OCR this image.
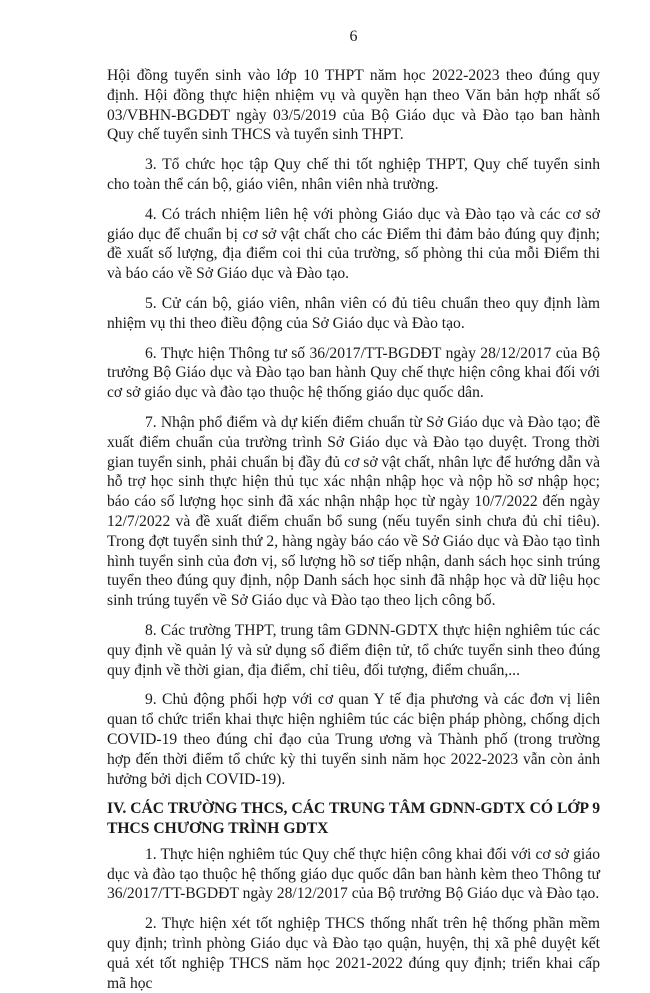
6

Hội đồng tuyển sinh vào lớp 10 THPT năm học 2022-2023 theo đúng quy định. Hội đồng thực hiện nhiệm vụ và quyền hạn theo Văn bản hợp nhất số 03/VBHN-BGDĐT ngày 03/5/2019 của Bộ Giáo dục và Đào tạo ban hành Quy chế tuyển sinh THCS và tuyển sinh THPT.

3. Tổ chức học tập Quy chế thi tốt nghiệp THPT, Quy chế tuyển sinh cho toàn thể cán bộ, giáo viên, nhân viên nhà trường.

4. Có trách nhiệm liên hệ với phòng Giáo dục và Đào tạo và các cơ sở giáo dục để chuẩn bị cơ sở vật chất cho các Điểm thi đảm bảo đúng quy định; đề xuất số lượng, địa điểm coi thi của trường, số phòng thi của mỗi Điểm thi và báo cáo về Sở Giáo dục và Đào tạo.

5. Cử cán bộ, giáo viên, nhân viên có đủ tiêu chuẩn theo quy định làm nhiệm vụ thi theo điều động của Sở Giáo dục và Đào tạo.

6. Thực hiện Thông tư số 36/2017/TT-BGDĐT ngày 28/12/2017 của Bộ trưởng Bộ Giáo dục và Đào tạo ban hành Quy chế thực hiện công khai đối với cơ sở giáo dục và đào tạo thuộc hệ thống giáo dục quốc dân.

7. Nhận phổ điểm và dự kiến điểm chuẩn từ Sở Giáo dục và Đào tạo; đề xuất điểm chuẩn của trường trình Sở Giáo dục và Đào tạo duyệt. Trong thời gian tuyển sinh, phải chuẩn bị đầy đủ cơ sở vật chất, nhân lực để hướng dẫn và hỗ trợ học sinh thực hiện thủ tục xác nhận nhập học và nộp hồ sơ nhập học; báo cáo số lượng học sinh đã xác nhận nhập học từ ngày 10/7/2022 đến ngày 12/7/2022 và đề xuất điểm chuẩn bổ sung (nếu tuyển sinh chưa đủ chỉ tiêu). Trong đợt tuyển sinh thứ 2, hàng ngày báo cáo về Sở Giáo dục và Đào tạo tình hình tuyển sinh của đơn vị, số lượng hồ sơ tiếp nhận, danh sách học sinh trúng tuyển theo đúng quy định, nộp Danh sách học sinh đã nhập học và dữ liệu học sinh trúng tuyển về Sở Giáo dục và Đào tạo theo lịch công bố.

8. Các trường THPT, trung tâm GDNN-GDTX thực hiện nghiêm túc các quy định về quản lý và sử dụng sổ điểm điện tử, tổ chức tuyển sinh theo đúng quy định về thời gian, địa điểm, chỉ tiêu, đối tượng, điểm chuẩn,...

9. Chủ động phối hợp với cơ quan Y tế địa phương và các đơn vị liên quan tổ chức triển khai thực hiện nghiêm túc các biện pháp phòng, chống dịch COVID-19 theo đúng chỉ đạo của Trung ương và Thành phố (trong trường hợp đến thời điểm tổ chức kỳ thi tuyển sinh năm học 2022-2023 vẫn còn ảnh hưởng bởi dịch COVID-19).

IV. CÁC TRƯỜNG THCS, CÁC TRUNG TÂM GDNN-GDTX CÓ LỚP 9 THCS CHƯƠNG TRÌNH GDTX

1. Thực hiện nghiêm túc Quy chế thực hiện công khai đối với cơ sở giáo dục và đào tạo thuộc hệ thống giáo dục quốc dân ban hành kèm theo Thông tư 36/2017/TT-BGDĐT ngày 28/12/2017 của Bộ trưởng Bộ Giáo dục và Đào tạo.

2. Thực hiện xét tốt nghiệp THCS thống nhất trên hệ thống phần mềm quy định; trình phòng Giáo dục và Đào tạo quận, huyện, thị xã phê duyệt kết quả xét tốt nghiệp THCS năm học 2021-2022 đúng quy định; triển khai cấp mã học
